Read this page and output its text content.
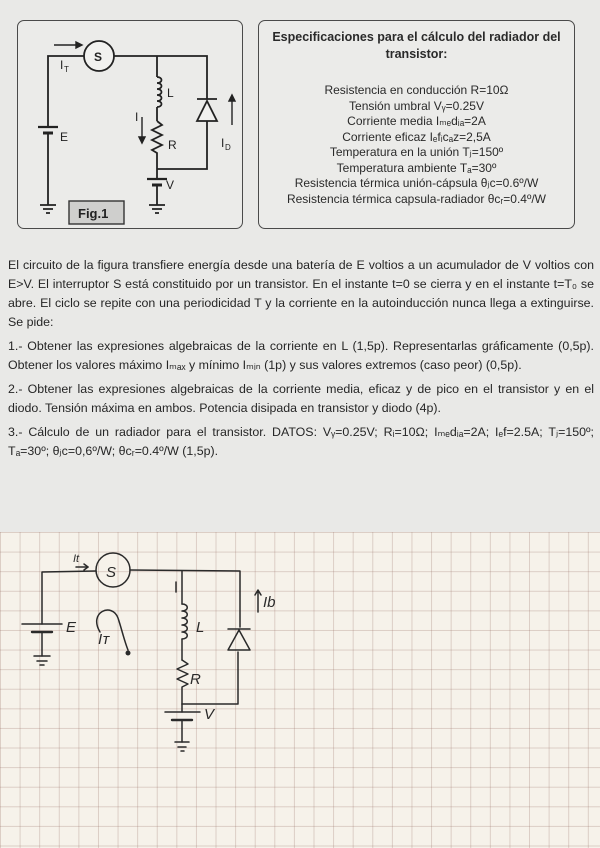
S
I T
E
L
R
I
I D
V
Fig.1
Especificaciones para el cálculo del radiador del transistor:
Resistencia en conducción R=10Ω
Tensión umbral Vᵧ=0.25V
Corriente media Iₘₑdᵢₐ=2A
Corriente eficaz Iₑfᵢcₐz=2,5A
Temperatura en la unión Tⱼ=150º
Temperatura ambiente Tₐ=30º
Resistencia térmica unión-cápsula θⱼc=0.6º/W
Resistencia térmica capsula-radiador θcᵣ=0.4º/W

El circuito de la figura transfiere energía desde una batería de E voltios a un acumulador de V voltios con E>V. El interruptor S está constituido por un transistor. En el instante t=0 se cierra y en el instante t=T₀ se abre. El ciclo se repite con una periodicidad T y la corriente en la autoinducción nunca llega a extinguirse. Se pide:

1.- Obtener las expresiones algebraicas de la corriente en L (1,5p). Representarlas gráficamente (0,5p). Obtener los valores máximo Iₘₐₓ y mínimo Iₘᵢₙ (1p) y sus valores extremos (caso peor) (0,5p).

2.- Obtener las expresiones algebraicas de la corriente media, eficaz y de pico en el transistor y en el diodo. Tensión máxima en ambos. Potencia disipada en transistor y diodo (4p).

3.- Cálculo de un radiador para el transistor. DATOS: Vᵧ=0.25V; Rᵢ=10Ω; Iₘₑdᵢₐ=2A; Iₑf=2.5A; Tⱼ=150º; Tₐ=30º; θⱼc=0,6º/W; θcᵣ=0.4º/W (1,5p).

It
S
E
Iᴛ
L
R
V
Ib
